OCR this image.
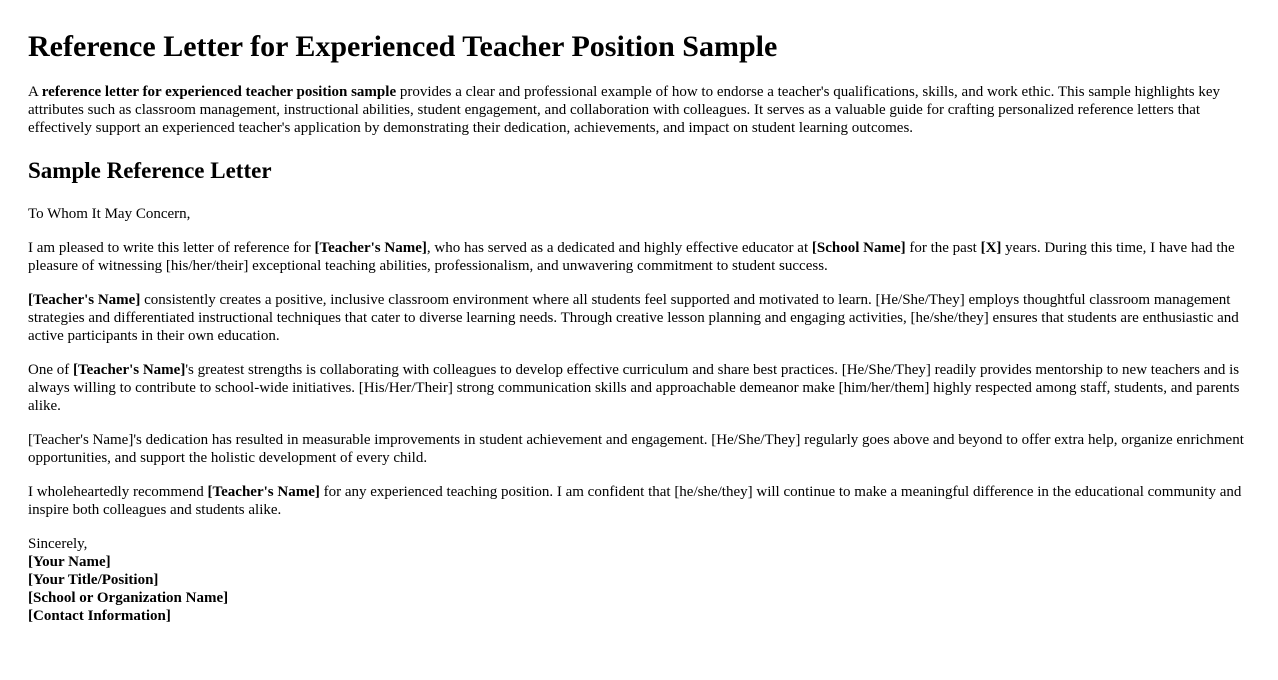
Reference Letter for Experienced Teacher Position Sample

A reference letter for experienced teacher position sample provides a clear and professional example of how to endorse a teacher's qualifications, skills, and work ethic. This sample highlights key attributes such as classroom management, instructional abilities, student engagement, and collaboration with colleagues. It serves as a valuable guide for crafting personalized reference letters that effectively support an experienced teacher's application by demonstrating their dedication, achievements, and impact on student learning outcomes.

Sample Reference Letter

To Whom It May Concern,

I am pleased to write this letter of reference for [Teacher's Name], who has served as a dedicated and highly effective educator at [School Name] for the past [X] years. During this time, I have had the pleasure of witnessing [his/her/their] exceptional teaching abilities, professionalism, and unwavering commitment to student success.

[Teacher's Name] consistently creates a positive, inclusive classroom environment where all students feel supported and motivated to learn. [He/She/They] employs thoughtful classroom management strategies and differentiated instructional techniques that cater to diverse learning needs. Through creative lesson planning and engaging activities, [he/she/they] ensures that students are enthusiastic and active participants in their own education.

One of [Teacher's Name]'s greatest strengths is collaborating with colleagues to develop effective curriculum and share best practices. [He/She/They] readily provides mentorship to new teachers and is always willing to contribute to school-wide initiatives. [His/Her/Their] strong communication skills and approachable demeanor make [him/her/them] highly respected among staff, students, and parents alike.

[Teacher's Name]'s dedication has resulted in measurable improvements in student achievement and engagement. [He/She/They] regularly goes above and beyond to offer extra help, organize enrichment opportunities, and support the holistic development of every child.

I wholeheartedly recommend [Teacher's Name] for any experienced teaching position. I am confident that [he/she/they] will continue to make a meaningful difference in the educational community and inspire both colleagues and students alike.

Sincerely,
[Your Name]
[Your Title/Position]
[School or Organization Name]
[Contact Information]
